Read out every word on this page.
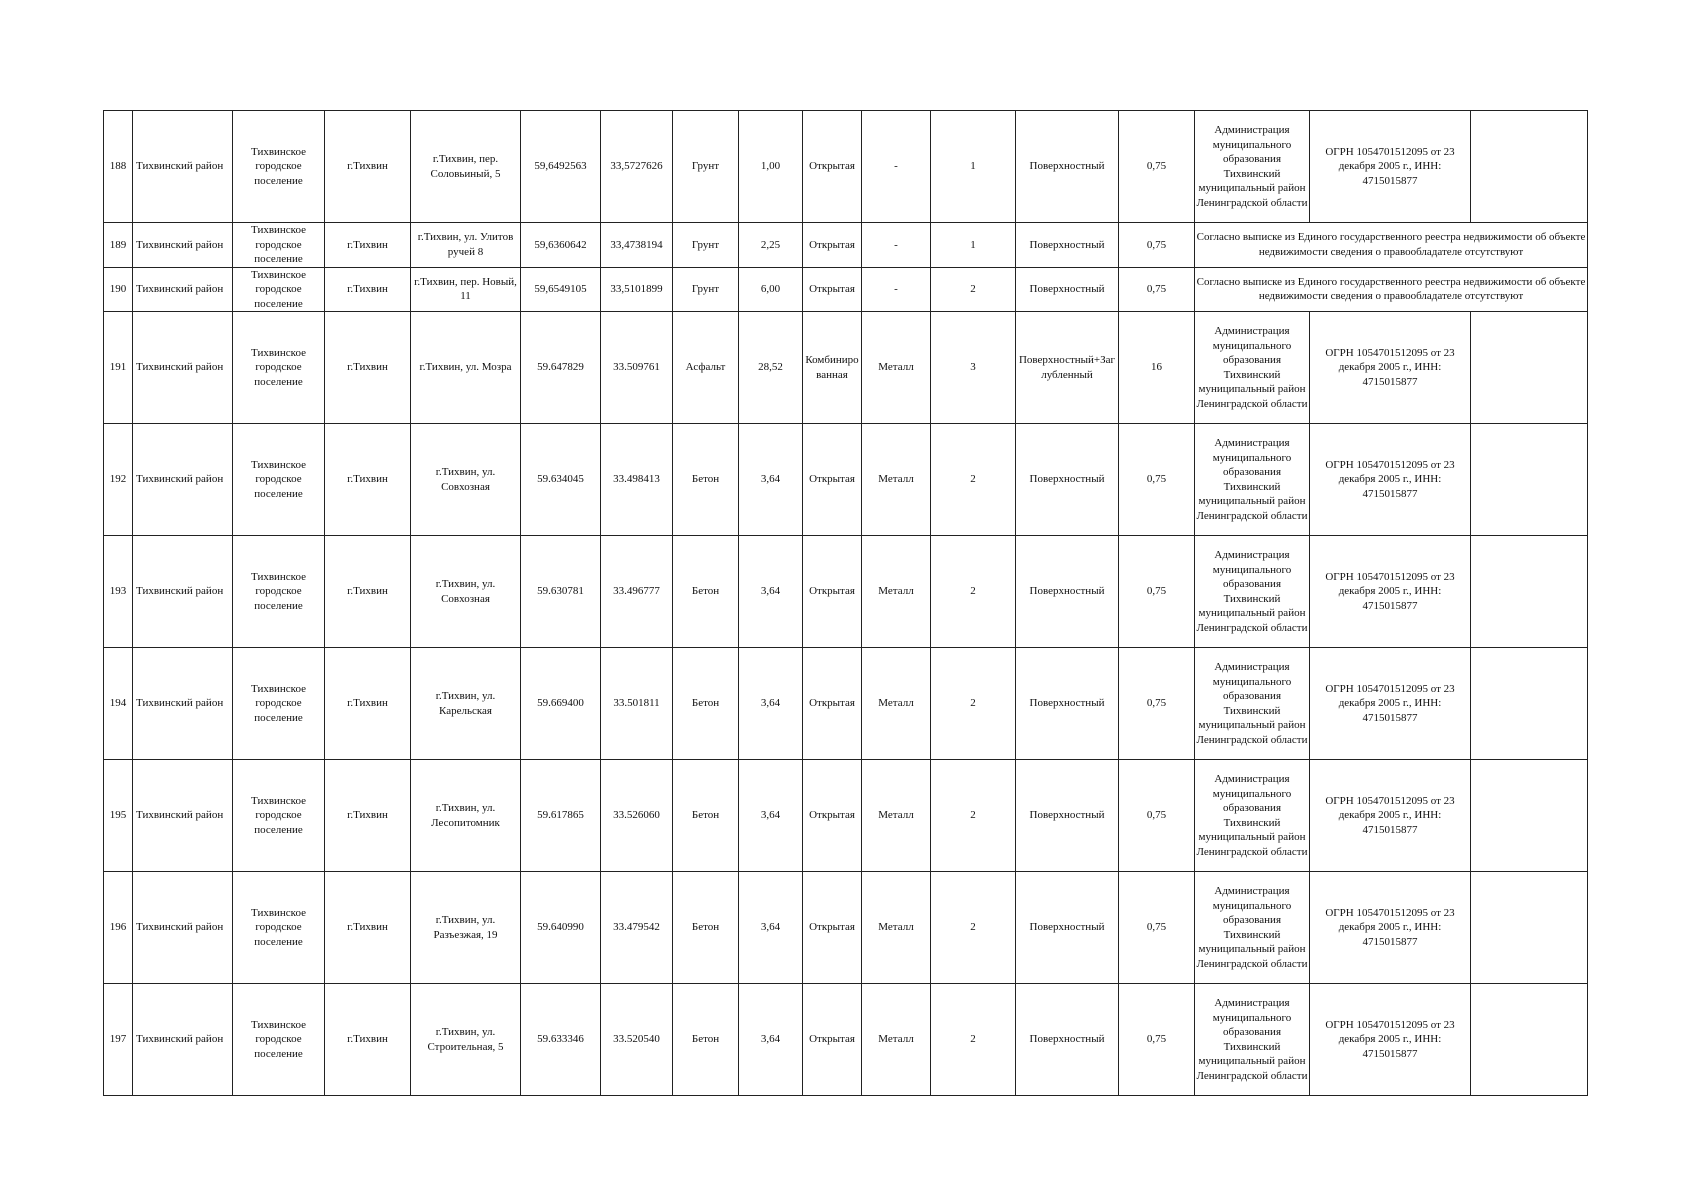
188	Тихвинский район	Тихвинское городское поселение	г.Тихвин	г.Тихвин, пер. Соловьиный, 5	59,6492563	33,5727626	Грунт	1,00	Открытая	-	1	Поверхностный	0,75	Администрация муниципального образования Тихвинский муниципальный район Ленинградской области	ОГРН 1054701512095 от 23 декабря 2005 г., ИНН: 4715015877	
189	Тихвинский район	Тихвинское городское поселение	г.Тихвин	г.Тихвин, ул. Улитов ручей 8	59,6360642	33,4738194	Грунт	2,25	Открытая	-	1	Поверхностный	0,75	Согласно выписке из Единого государственного реестра недвижимости об объекте недвижимости сведения о правообладателе отсутствуют		
190	Тихвинский район	Тихвинское городское поселение	г.Тихвин	г.Тихвин, пер. Новый, 11	59,6549105	33,5101899	Грунт	6,00	Открытая	-	2	Поверхностный	0,75	Согласно выписке из Единого государственного реестра недвижимости об объекте недвижимости сведения о правообладателе отсутствуют		
191	Тихвинский район	Тихвинское городское поселение	г.Тихвин	г.Тихвин, ул. Мозра	59.647829	33.509761	Асфальт	28,52	Комбинированная	Металл	3	Поверхностный+Заглубленный	16	Администрация муниципального образования Тихвинский муниципальный район Ленинградской области	ОГРН 1054701512095 от 23 декабря 2005 г., ИНН: 4715015877	
192	Тихвинский район	Тихвинское городское поселение	г.Тихвин	г.Тихвин, ул. Совхозная	59.634045	33.498413	Бетон	3,64	Открытая	Металл	2	Поверхностный	0,75	Администрация муниципального образования Тихвинский муниципальный район Ленинградской области	ОГРН 1054701512095 от 23 декабря 2005 г., ИНН: 4715015877	
193	Тихвинский район	Тихвинское городское поселение	г.Тихвин	г.Тихвин, ул. Совхозная	59.630781	33.496777	Бетон	3,64	Открытая	Металл	2	Поверхностный	0,75	Администрация муниципального образования Тихвинский муниципальный район Ленинградской области	ОГРН 1054701512095 от 23 декабря 2005 г., ИНН: 4715015877	
194	Тихвинский район	Тихвинское городское поселение	г.Тихвин	г.Тихвин, ул. Карельская	59.669400	33.501811	Бетон	3,64	Открытая	Металл	2	Поверхностный	0,75	Администрация муниципального образования Тихвинский муниципальный район Ленинградской области	ОГРН 1054701512095 от 23 декабря 2005 г., ИНН: 4715015877	
195	Тихвинский район	Тихвинское городское поселение	г.Тихвин	г.Тихвин, ул. Лесопитомник	59.617865	33.526060	Бетон	3,64	Открытая	Металл	2	Поверхностный	0,75	Администрация муниципального образования Тихвинский муниципальный район Ленинградской области	ОГРН 1054701512095 от 23 декабря 2005 г., ИНН: 4715015877	
196	Тихвинский район	Тихвинское городское поселение	г.Тихвин	г.Тихвин, ул. Разъезжая, 19	59.640990	33.479542	Бетон	3,64	Открытая	Металл	2	Поверхностный	0,75	Администрация муниципального образования Тихвинский муниципальный район Ленинградской области	ОГРН 1054701512095 от 23 декабря 2005 г., ИНН: 4715015877	
197	Тихвинский район	Тихвинское городское поселение	г.Тихвин	г.Тихвин, ул. Строительная, 5	59.633346	33.520540	Бетон	3,64	Открытая	Металл	2	Поверхностный	0,75	Администрация муниципального образования Тихвинский муниципальный район Ленинградской области	ОГРН 1054701512095 от 23 декабря 2005 г., ИНН: 4715015877	
